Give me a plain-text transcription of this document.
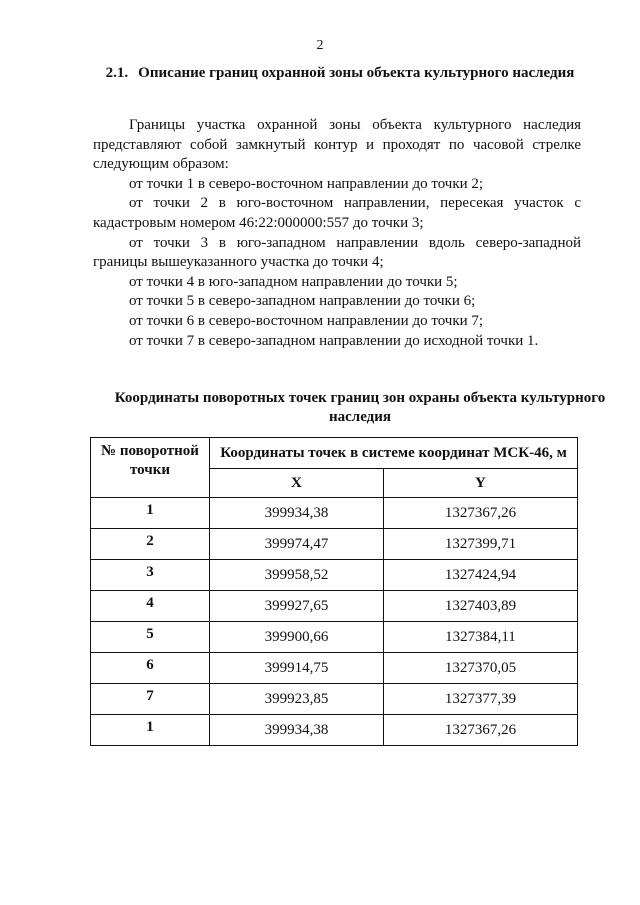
2
2.1. Описание границ охранной зоны объекта культурного наследия

Границы участка охранной зоны объекта культурного наследия представляют собой замкнутый контур и проходят по часовой стрелке следующим образом:

от точки 1 в северо-восточном направлении до точки 2;

от точки 2 в юго-восточном направлении, пересекая участок с кадастровым номером 46:22:000000:557 до точки 3;

от точки 3 в юго-западном направлении вдоль северо-западной границы вышеуказанного участка до точки 4;

от точки 4 в юго-западном направлении до точки 5;

от точки 5 в северо-западном направлении до точки 6;

от точки 6 в северо-восточном направлении до точки 7;

от точки 7 в северо-западном направлении до исходной точки 1.

Координаты поворотных точек границ зон охраны объекта культурного наследия
№ поворотной точки	Координаты точек в системе координат МСК-46, м	
	X	Y
1	399934,38	1327367,26
2	399974,47	1327399,71
3	399958,52	1327424,94
4	399927,65	1327403,89
5	399900,66	1327384,11
6	399914,75	1327370,05
7	399923,85	1327377,39
1	399934,38	1327367,26
